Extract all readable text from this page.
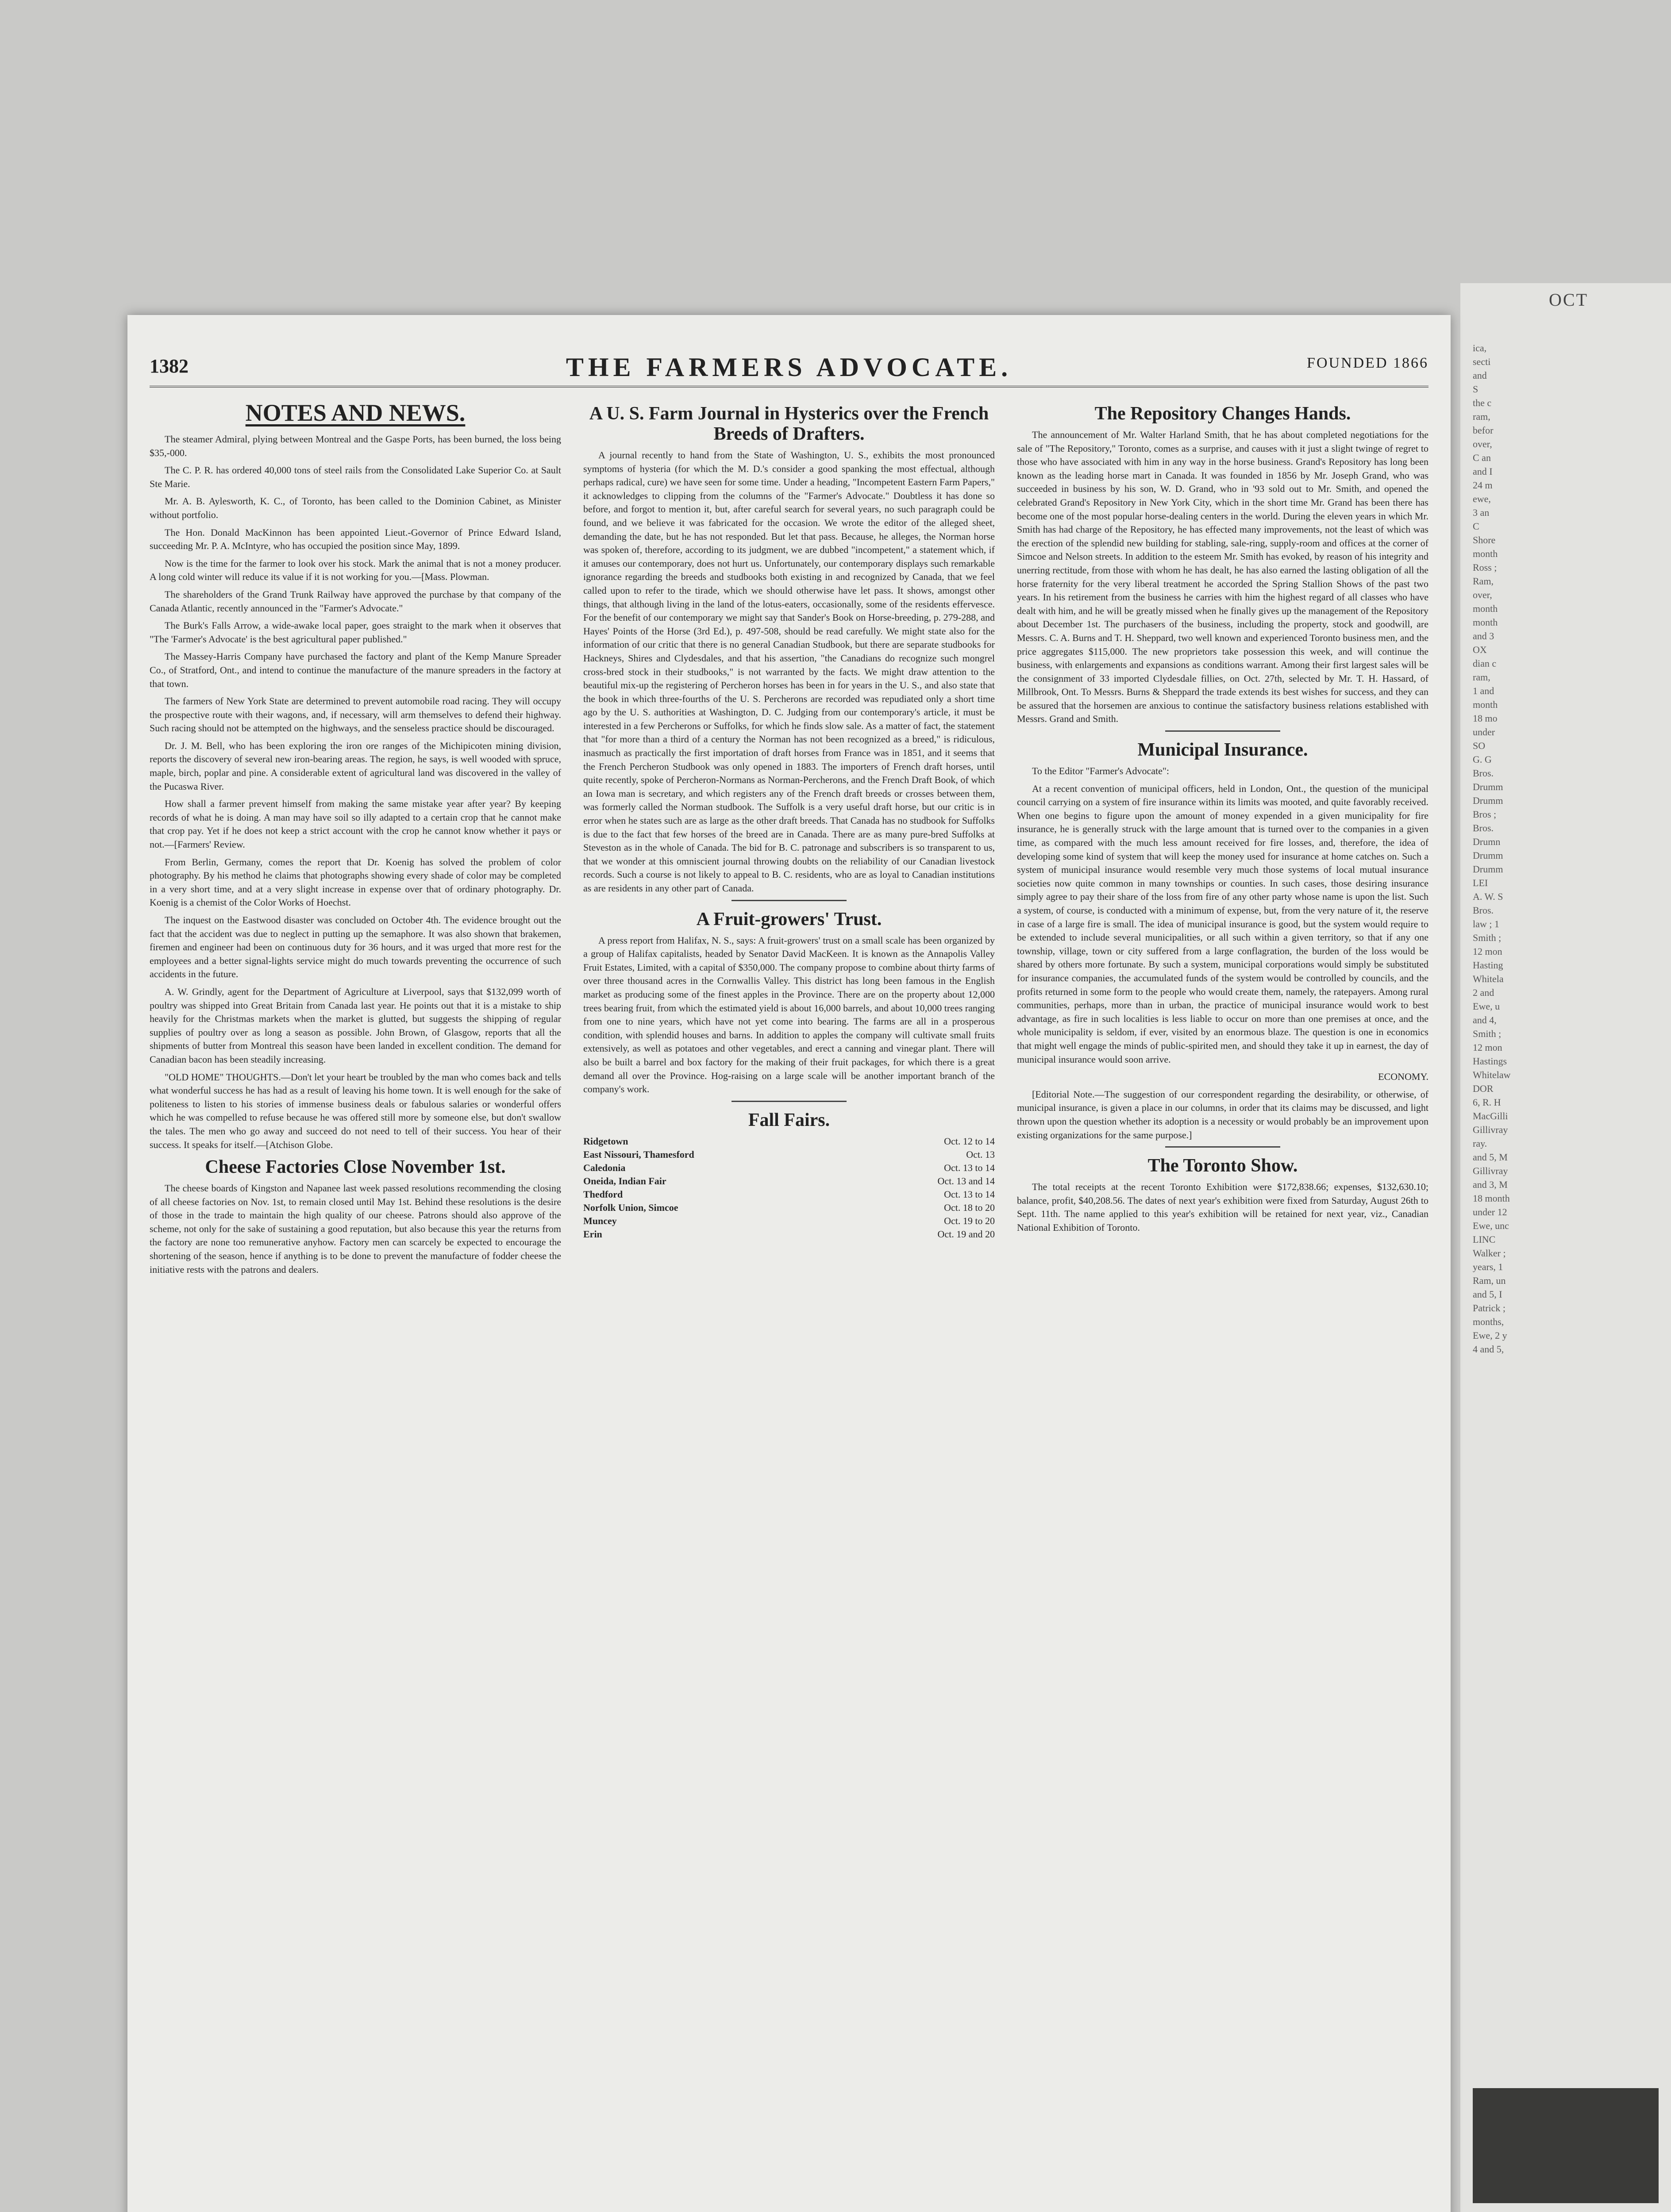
OCT
ica,
secti
and
S
the c
ram,
befor
over,
C an
and I
24 m
ewe,
3 an
C
Shore
month
Ross ;
Ram,
over,
month
month
and 3
OX
dian c
ram,
1 and
month
18 mo
under
SO
G. G
Bros.
Drumm
Drumm
Bros ;
Bros.
Drumn
Drumm
Drumm
LEI
A. W. S
Bros.
law ; 1
Smith ;
12 mon
Hasting
Whitela
2 and
Ewe, u
and 4,
Smith ;
12 mon
Hastings
Whitelaw
DOR
6, R. H
MacGilli
Gillivray
ray.
and 5, M
Gillivray
and 3, M
18 month
under 12
Ewe, unc
LINC
Walker ;
years, 1
Ram, un
and 5, I
Patrick ;
months,
Ewe, 2 y
4 and 5,
1382	THE FARMERS ADVOCATE.	FOUNDED 1866
NOTES AND NEWS.

The steamer Admiral, plying between Montreal and the Gaspe Ports, has been burned, the loss being $35,-000.

The C. P. R. has ordered 40,000 tons of steel rails from the Consolidated Lake Superior Co. at Sault Ste Marie.

Mr. A. B. Aylesworth, K. C., of Toronto, has been called to the Dominion Cabinet, as Minister without portfolio.

The Hon. Donald MacKinnon has been appointed Lieut.-Governor of Prince Edward Island, succeeding Mr. P. A. McIntyre, who has occupied the position since May, 1899.

Now is the time for the farmer to look over his stock. Mark the animal that is not a money producer. A long cold winter will reduce its value if it is not working for you.—[Mass. Plowman.

The shareholders of the Grand Trunk Railway have approved the purchase by that company of the Canada Atlantic, recently announced in the "Farmer's Advocate."

The Burk's Falls Arrow, a wide-awake local paper, goes straight to the mark when it observes that "The 'Farmer's Advocate' is the best agricultural paper published."

The Massey-Harris Company have purchased the factory and plant of the Kemp Manure Spreader Co., of Stratford, Ont., and intend to continue the manufacture of the manure spreaders in the factory at that town.

The farmers of New York State are determined to prevent automobile road racing. They will occupy the prospective route with their wagons, and, if necessary, will arm themselves to defend their highway. Such racing should not be attempted on the highways, and the senseless practice should be discouraged.

Dr. J. M. Bell, who has been exploring the iron ore ranges of the Michipicoten mining division, reports the discovery of several new iron-bearing areas. The region, he says, is well wooded with spruce, maple, birch, poplar and pine. A considerable extent of agricultural land was discovered in the valley of the Pucaswa River.

How shall a farmer prevent himself from making the same mistake year after year? By keeping records of what he is doing. A man may have soil so illy adapted to a certain crop that he cannot make that crop pay. Yet if he does not keep a strict account with the crop he cannot know whether it pays or not.—[Farmers' Review.

From Berlin, Germany, comes the report that Dr. Koenig has solved the problem of color photography. By his method he claims that photographs showing every shade of color may be completed in a very short time, and at a very slight increase in expense over that of ordinary photography. Dr. Koenig is a chemist of the Color Works of Hoechst.

The inquest on the Eastwood disaster was concluded on October 4th. The evidence brought out the fact that the accident was due to neglect in putting up the semaphore. It was also shown that brakemen, firemen and engineer had been on continuous duty for 36 hours, and it was urged that more rest for the employees and a better signal-lights service might do much towards preventing the occurrence of such accidents in the future.

A. W. Grindly, agent for the Department of Agriculture at Liverpool, says that $132,099 worth of poultry was shipped into Great Britain from Canada last year. He points out that it is a mistake to ship heavily for the Christmas markets when the market is glutted, but suggests the shipping of regular supplies of poultry over as long a season as possible. John Brown, of Glasgow, reports that all the shipments of butter from Montreal this season have been landed in excellent condition. The demand for Canadian bacon has been steadily increasing.

"OLD HOME" THOUGHTS.—Don't let your heart be troubled by the man who comes back and tells what wonderful success he has had as a result of leaving his home town. It is well enough for the sake of politeness to listen to his stories of immense business deals or fabulous salaries or wonderful offers which he was compelled to refuse because he was offered still more by someone else, but don't swallow the tales. The men who go away and succeed do not need to tell of their success. You hear of their success. It speaks for itself.—[Atchison Globe.

Cheese Factories Close November 1st.

The cheese boards of Kingston and Napanee last week passed resolutions recommending the closing of all cheese factories on Nov. 1st, to remain closed until May 1st. Behind these resolutions is the desire of those in the trade to maintain the high quality of our cheese. Patrons should also approve of the scheme, not only for the sake of sustaining a good reputation, but also because this year the returns from the factory are none too remunerative anyhow. Factory men can scarcely be expected to encourage the shortening of the season, hence if anything is to be done to prevent the manufacture of fodder cheese the initiative rests with the patrons and dealers.

A U. S. Farm Journal in Hysterics over the French Breeds of Drafters.

A journal recently to hand from the State of Washington, U. S., exhibits the most pronounced symptoms of hysteria (for which the M. D.'s consider a good spanking the most effectual, although perhaps radical, cure) we have seen for some time. Under a heading, "Incompetent Eastern Farm Papers," it acknowledges to clipping from the columns of the "Farmer's Advocate." Doubtless it has done so before, and forgot to mention it, but, after careful search for several years, no such paragraph could be found, and we believe it was fabricated for the occasion. We wrote the editor of the alleged sheet, demanding the date, but he has not responded. But let that pass. Because, he alleges, the Norman horse was spoken of, therefore, according to its judgment, we are dubbed "incompetent," a statement which, if it amuses our contemporary, does not hurt us. Unfortunately, our contemporary displays such remarkable ignorance regarding the breeds and studbooks both existing in and recognized by Canada, that we feel called upon to refer to the tirade, which we should otherwise have let pass. It shows, amongst other things, that although living in the land of the lotus-eaters, occasionally, some of the residents effervesce. For the benefit of our contemporary we might say that Sander's Book on Horse-breeding, p. 279-288, and Hayes' Points of the Horse (3rd Ed.), p. 497-508, should be read carefully. We might state also for the information of our critic that there is no general Canadian Studbook, but there are separate studbooks for Hackneys, Shires and Clydesdales, and that his assertion, "the Canadians do recognize such mongrel cross-bred stock in their studbooks," is not warranted by the facts. We might draw attention to the beautiful mix-up the registering of Percheron horses has been in for years in the U. S., and also state that the book in which three-fourths of the U. S. Percherons are recorded was repudiated only a short time ago by the U. S. authorities at Washington, D. C. Judging from our contemporary's article, it must be interested in a few Percherons or Suffolks, for which he finds slow sale. As a matter of fact, the statement that "for more than a third of a century the Norman has not been recognized as a breed," is ridiculous, inasmuch as practically the first importation of draft horses from France was in 1851, and it seems that the French Percheron Studbook was only opened in 1883. The importers of French draft horses, until quite recently, spoke of Percheron-Normans as Norman-Percherons, and the French Draft Book, of which an Iowa man is secretary, and which registers any of the French draft breeds or crosses between them, was formerly called the Norman studbook. The Suffolk is a very useful draft horse, but our critic is in error when he states such are as large as the other draft breeds. That Canada has no studbook for Suffolks is due to the fact that few horses of the breed are in Canada. There are as many pure-bred Suffolks at Steveston as in the whole of Canada. The bid for B. C. patronage and subscribers is so transparent to us, that we wonder at this omniscient journal throwing doubts on the reliability of our Canadian livestock records. Such a course is not likely to appeal to B. C. residents, who are as loyal to Canadian institutions as are residents in any other part of Canada.

A Fruit-growers' Trust.

A press report from Halifax, N. S., says: A fruit-growers' trust on a small scale has been organized by a group of Halifax capitalists, headed by Senator David MacKeen. It is known as the Annapolis Valley Fruit Estates, Limited, with a capital of $350,000. The company propose to combine about thirty farms of over three thousand acres in the Cornwallis Valley. This district has long been famous in the English market as producing some of the finest apples in the Province. There are on the property about 12,000 trees bearing fruit, from which the estimated yield is about 16,000 barrels, and about 10,000 trees ranging from one to nine years, which have not yet come into bearing. The farms are all in a prosperous condition, with splendid houses and barns. In addition to apples the company will cultivate small fruits extensively, as well as potatoes and other vegetables, and erect a canning and vinegar plant. There will also be built a barrel and box factory for the making of their fruit packages, for which there is a great demand all over the Province. Hog-raising on a large scale will be another important branch of the company's work.

Fall Fairs.
Ridgetown	Oct. 12 to 14
East Nissouri, Thamesford	Oct. 13
Caledonia	Oct. 13 to 14
Oneida, Indian Fair	Oct. 13 and 14
Thedford	Oct. 13 to 14
Norfolk Union, Simcoe	Oct. 18 to 20
Muncey	Oct. 19 to 20
Erin	Oct. 19 and 20
The Repository Changes Hands.

The announcement of Mr. Walter Harland Smith, that he has about completed negotiations for the sale of "The Repository," Toronto, comes as a surprise, and causes with it just a slight twinge of regret to those who have associated with him in any way in the horse business. Grand's Repository has long been known as the leading horse mart in Canada. It was founded in 1856 by Mr. Joseph Grand, who was succeeded in business by his son, W. D. Grand, who in '93 sold out to Mr. Smith, and opened the celebrated Grand's Repository in New York City, which in the short time Mr. Grand has been there has become one of the most popular horse-dealing centers in the world. During the eleven years in which Mr. Smith has had charge of the Repository, he has effected many improvements, not the least of which was the erection of the splendid new building for stabling, sale-ring, supply-room and offices at the corner of Simcoe and Nelson streets. In addition to the esteem Mr. Smith has evoked, by reason of his integrity and unerring rectitude, from those with whom he has dealt, he has also earned the lasting obligation of all the horse fraternity for the very liberal treatment he accorded the Spring Stallion Shows of the past two years. In his retirement from the business he carries with him the highest regard of all classes who have dealt with him, and he will be greatly missed when he finally gives up the management of the Repository about December 1st. The purchasers of the business, including the property, stock and goodwill, are Messrs. C. A. Burns and T. H. Sheppard, two well known and experienced Toronto business men, and the price aggregates $115,000. The new proprietors take possession this week, and will continue the business, with enlargements and expansions as conditions warrant. Among their first largest sales will be the consignment of 33 imported Clydesdale fillies, on Oct. 27th, selected by Mr. T. H. Hassard, of Millbrook, Ont. To Messrs. Burns & Sheppard the trade extends its best wishes for success, and they can be assured that the horsemen are anxious to continue the satisfactory business relations established with Messrs. Grand and Smith.

Municipal Insurance.

To the Editor "Farmer's Advocate":

At a recent convention of municipal officers, held in London, Ont., the question of the municipal council carrying on a system of fire insurance within its limits was mooted, and quite favorably received. When one begins to figure upon the amount of money expended in a given municipality for fire insurance, he is generally struck with the large amount that is turned over to the companies in a given time, as compared with the much less amount received for fire losses, and, therefore, the idea of developing some kind of system that will keep the money used for insurance at home catches on. Such a system of municipal insurance would resemble very much those systems of local mutual insurance societies now quite common in many townships or counties. In such cases, those desiring insurance simply agree to pay their share of the loss from fire of any other party whose name is upon the list. Such a system, of course, is conducted with a minimum of expense, but, from the very nature of it, the reserve in case of a large fire is small. The idea of municipal insurance is good, but the system would require to be extended to include several municipalities, or all such within a given territory, so that if any one township, village, town or city suffered from a large conflagration, the burden of the loss would be shared by others more fortunate. By such a system, municipal corporations would simply be substituted for insurance companies, the accumulated funds of the system would be controlled by councils, and the profits returned in some form to the people who would create them, namely, the ratepayers. Among rural communities, perhaps, more than in urban, the practice of municipal insurance would work to best advantage, as fire in such localities is less liable to occur on more than one premises at once, and the whole municipality is seldom, if ever, visited by an enormous blaze. The question is one in economics that might well engage the minds of public-spirited men, and should they take it up in earnest, the day of municipal insurance would soon arrive.

ECONOMY.

[Editorial Note.—The suggestion of our correspondent regarding the desirability, or otherwise, of municipal insurance, is given a place in our columns, in order that its claims may be discussed, and light thrown upon the question whether its adoption is a necessity or would probably be an improvement upon existing organizations for the same purpose.]

The Toronto Show.

The total receipts at the recent Toronto Exhibition were $172,838.66; expenses, $132,630.10; balance, profit, $40,208.56. The dates of next year's exhibition were fixed from Saturday, August 26th to Sept. 11th. The name applied to this year's exhibition will be retained for next year, viz., Canadian National Exhibition of Toronto.
